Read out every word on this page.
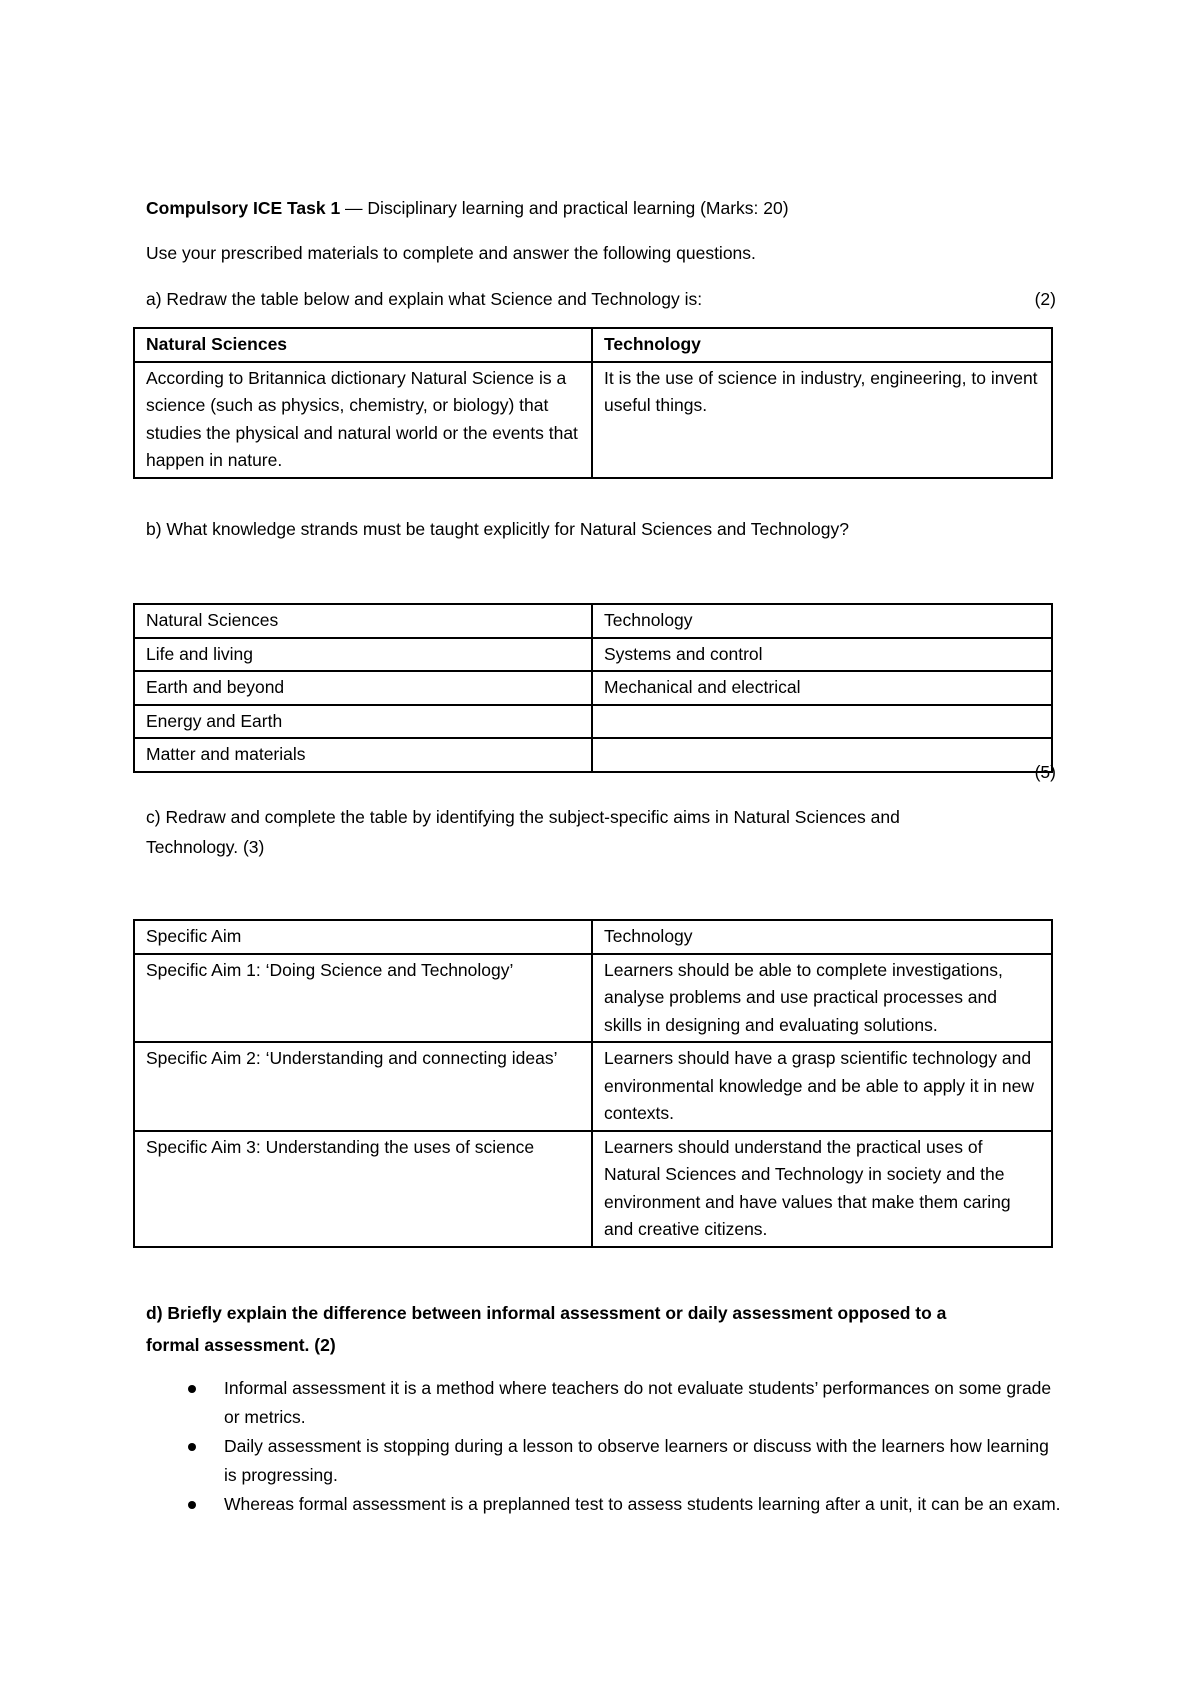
Compulsory ICE Task 1 — Disciplinary learning and practical learning (Marks: 20)
Use your prescribed materials to complete and answer the following questions.
a) Redraw the table below and explain what Science and Technology is:	(2)
Natural Sciences	Technology
According to Britannica dictionary Natural Science is a science (such as physics, chemistry, or biology) that studies the physical and natural world or the events that happen in nature.	It is the use of science in industry, engineering, to invent useful things.
b) What knowledge strands must be taught explicitly for Natural Sciences and Technology?
Natural Sciences	Technology
Life and living	Systems and control
Earth and beyond	Mechanical and electrical
Energy and Earth	
Matter and materials	
(5)
c) Redraw and complete the table by identifying the subject-specific aims in Natural Sciences and
Technology. (3)
Specific Aim	Technology
Specific Aim 1: ‘Doing Science and Technology’	Learners should be able to complete investigations, analyse problems and use practical processes and skills in designing and evaluating solutions.
Specific Aim 2: ‘Understanding and connecting ideas’	Learners should have a grasp scientific technology and environmental knowledge and be able to apply it in new contexts.
Specific Aim 3: Understanding the uses of science	Learners should understand the practical uses of Natural Sciences and Technology in society and the environment and have values that make them caring and creative citizens.
d) Briefly explain the difference between informal assessment or daily assessment opposed to a
formal assessment. (2)
Informal assessment it is a method where teachers do not evaluate students’ performances on some grade or metrics.
Daily assessment is stopping during a lesson to observe learners or discuss with the learners how learning is progressing.
Whereas formal assessment is a preplanned test to assess students learning after a unit, it can be an exam.
